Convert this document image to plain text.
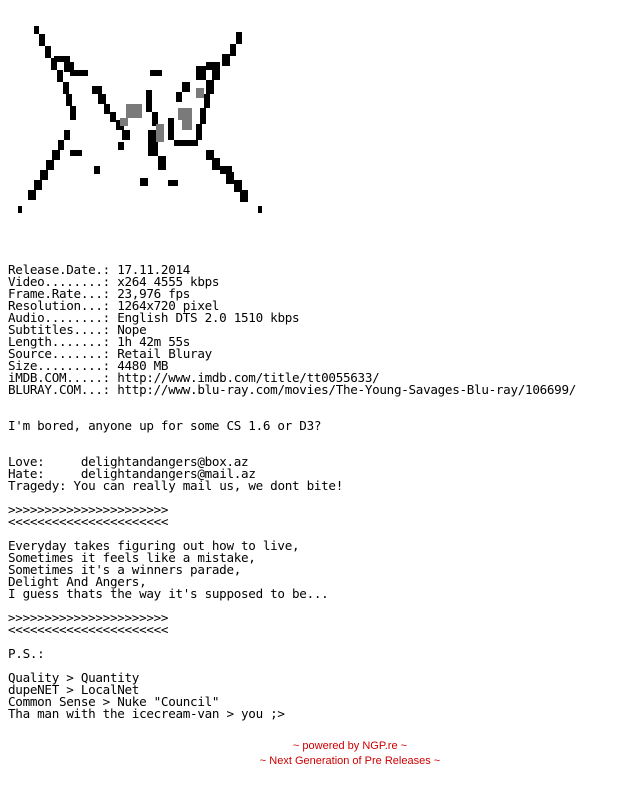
Release.Date.: 17.11.2014
Video........: x264 4555 kbps
Frame.Rate...: 23,976 fps
Resolution...: 1264x720 pixel
Audio........: English DTS 2.0 1510 kbps
Subtitles....: Nope
Length.......: 1h 42m 55s
Source.......: Retail Bluray
Size.........: 4480 MB
iMDB.COM.....: http://www.imdb.com/title/tt0055633/
BLURAY.COM...: http://www.blu-ray.com/movies/The-Young-Savages-Blu-ray/106699/
I'm bored, anyone up for some CS 1.6 or D3?
Love:     delightandangers@box.az
Hate:     delightandangers@mail.az
Tragedy: You can really mail us, we dont bite!
>>>>>>>>>>>>>>>>>>>>>>
<<<<<<<<<<<<<<<<<<<<<<
Everyday takes figuring out how to live,
Sometimes it feels like a mistake,
Sometimes it's a winners parade,
Delight And Angers,
I guess thats the way it's supposed to be...
>>>>>>>>>>>>>>>>>>>>>>
<<<<<<<<<<<<<<<<<<<<<<
P.S.:
Quality > Quantity
dupeNET > LocalNet
Common Sense > Nuke "Council"
Tha man with the icecream-van > you ;>
~ powered by NGP.re ~
~ Next Generation of Pre Releases ~
